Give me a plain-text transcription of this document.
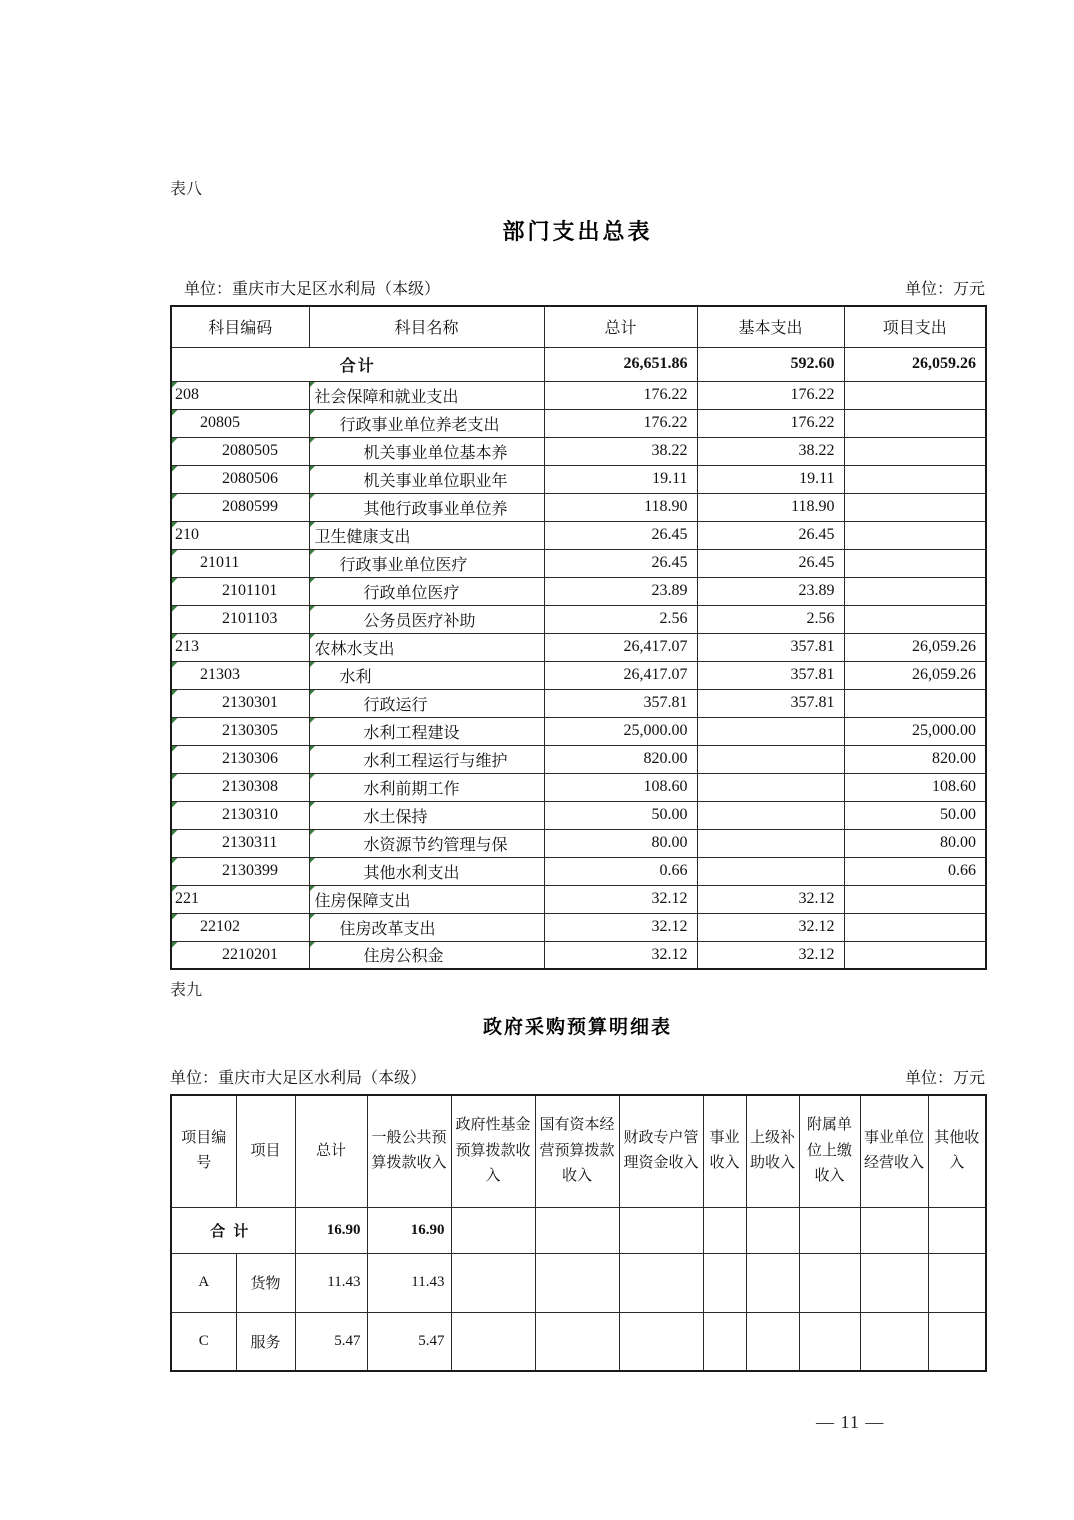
表八
部门支出总表
单位：重庆市大足区水利局（本级）	单位：万元
科目编码	科目名称	总计	基本支出	项目支出
合计		26,651.86	592.60	26,059.26

208	社会保障和就业支出	176.22	176.22	

20805	行政事业单位养老支出	176.22	176.22	

2080505	机关事业单位基本养	38.22	38.22	

2080506	机关事业单位职业年	19.11	19.11	

2080599	其他行政事业单位养	118.90	118.90	

210	卫生健康支出	26.45	26.45	

21011	行政事业单位医疗	26.45	26.45	

2101101	行政单位医疗	23.89	23.89	

2101103	公务员医疗补助	2.56	2.56	

213	农林水支出	26,417.07	357.81	26,059.26

21303	水利	26,417.07	357.81	26,059.26

2130301	行政运行	357.81	357.81	

2130305	水利工程建设	25,000.00		25,000.00

2130306	水利工程运行与维护	820.00		820.00

2130308	水利前期工作	108.60		108.60

2130310	水土保持	50.00		50.00

2130311	水资源节约管理与保	80.00		80.00

2130399	其他水利支出	0.66		0.66

221	住房保障支出	32.12	32.12	

22102	住房改革支出	32.12	32.12	

2210201	住房公积金	32.12	32.12	
表九
政府采购预算明细表
单位：重庆市大足区水利局（本级）	单位：万元
项目编号	项目	总计	一般公共预算拨款收入	政府性基金预算拨款收入	国有资本经营预算拨款收入	财政专户管理资金收入	事业收入	上级补助收入	附属单位上缴收入	事业单位经营收入	其他收入
合计		16.90	16.90								
A	货物	11.43	11.43								
C	服务	5.47	5.47								
— 11 —
